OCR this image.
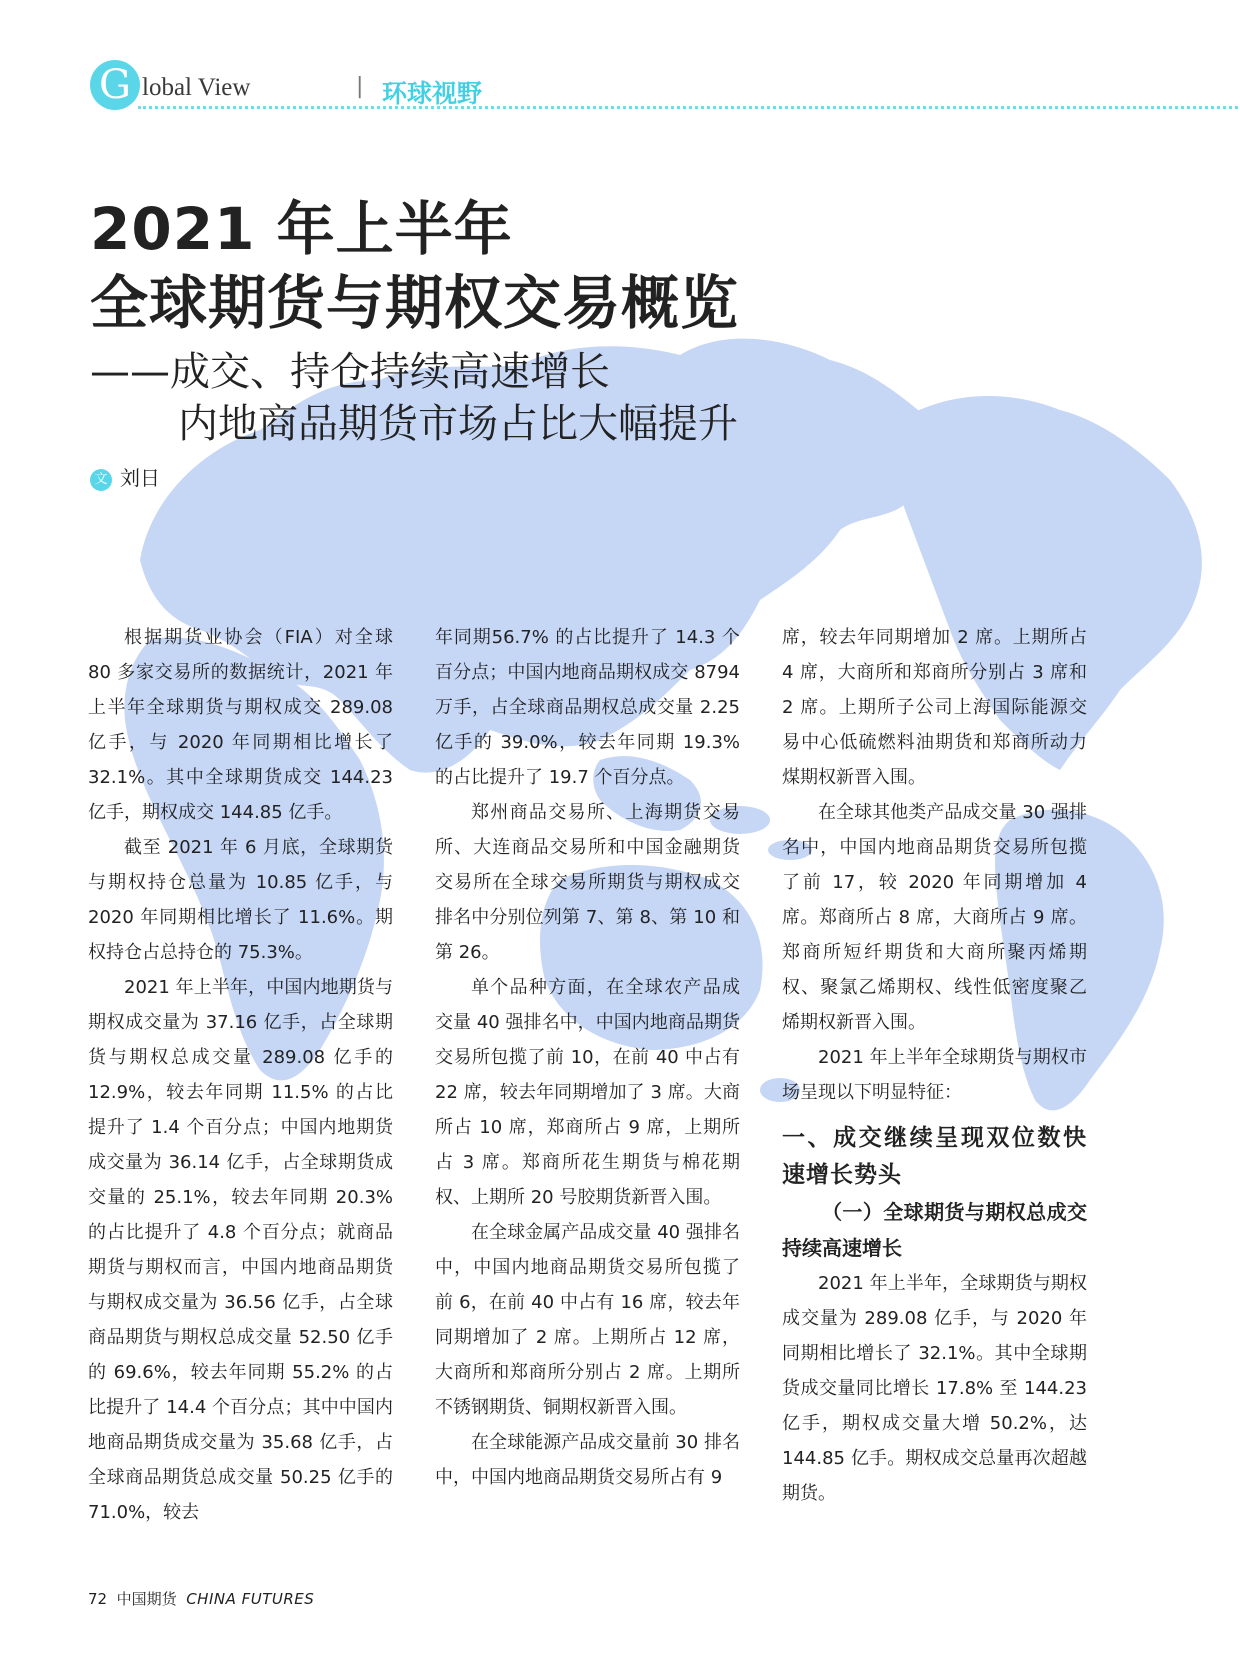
G lobal View	| 环球视野
2021 年上半年
全球期货与期权交易概览
——成交、持仓持续高速增长
内地商品期货市场占比大幅提升
文 刘日

根据期货业协会（FIA）对全球 80 多家交易所的数据统计，2021 年上半年全球期货与期权成交 289.08 亿手，与 2020 年同期相比增长了 32.1%。其中全球期货成交 144.23 亿手，期权成交 144.85 亿手。

截至 2021 年 6 月底，全球期货与期权持仓总量为 10.85 亿手，与 2020 年同期相比增长了 11.6%。期权持仓占总持仓的 75.3%。

2021 年上半年，中国内地期货与期权成交量为 37.16 亿手，占全球期货与期权总成交量 289.08 亿手的 12.9%，较去年同期 11.5% 的占比提升了 1.4 个百分点；中国内地期货成交量为 36.14 亿手，占全球期货成交量的 25.1%，较去年同期 20.3% 的占比提升了 4.8 个百分点；就商品期货与期权而言，中国内地商品期货与期权成交量为 36.56 亿手，占全球商品期货与期权总成交量 52.50 亿手的 69.6%，较去年同期 55.2% 的占比提升了 14.4 个百分点；其中中国内地商品期货成交量为 35.68 亿手，占全球商品期货总成交量 50.25 亿手的 71.0%，较去

年同期56.7% 的占比提升了 14.3 个百分点；中国内地商品期权成交 8794 万手，占全球商品期权总成交量 2.25 亿手的 39.0%，较去年同期 19.3% 的占比提升了 19.7 个百分点。

郑州商品交易所、上海期货交易所、大连商品交易所和中国金融期货交易所在全球交易所期货与期权成交排名中分别位列第 7、第 8、第 10 和第 26。

单个品种方面，在全球农产品成交量 40 强排名中，中国内地商品期货交易所包揽了前 10，在前 40 中占有 22 席，较去年同期增加了 3 席。大商所占 10 席，郑商所占 9 席，上期所占 3 席。郑商所花生期货与棉花期权、上期所 20 号胶期货新晋入围。

在全球金属产品成交量 40 强排名中，中国内地商品期货交易所包揽了前 6，在前 40 中占有 16 席，较去年同期增加了 2 席。上期所占 12 席，大商所和郑商所分别占 2 席。上期所不锈钢期货、铜期权新晋入围。

在全球能源产品成交量前 30 排名中，中国内地商品期货交易所占有 9

席，较去年同期增加 2 席。上期所占 4 席，大商所和郑商所分别占 3 席和 2 席。上期所子公司上海国际能源交易中心低硫燃料油期货和郑商所动力煤期权新晋入围。

在全球其他类产品成交量 30 强排名中，中国内地商品期货交易所包揽了前 17，较 2020 年同期增加 4 席。郑商所占 8 席，大商所占 9 席。郑商所短纤期货和大商所聚丙烯期权、聚氯乙烯期权、线性低密度聚乙烯期权新晋入围。

2021 年上半年全球期货与期权市场呈现以下明显特征：

一、成交继续呈现双位数快速增长势头
（一）全球期货与期权总成交持续高速增长

2021 年上半年，全球期货与期权成交量为 289.08 亿手，与 2020 年同期相比增长了 32.1%。其中全球期货成交量同比增长 17.8% 至 144.23 亿手，期权成交量大增 50.2%，达 144.85 亿手。期权成交总量再次超越期货。

72 中国期货 CHINA FUTURES
